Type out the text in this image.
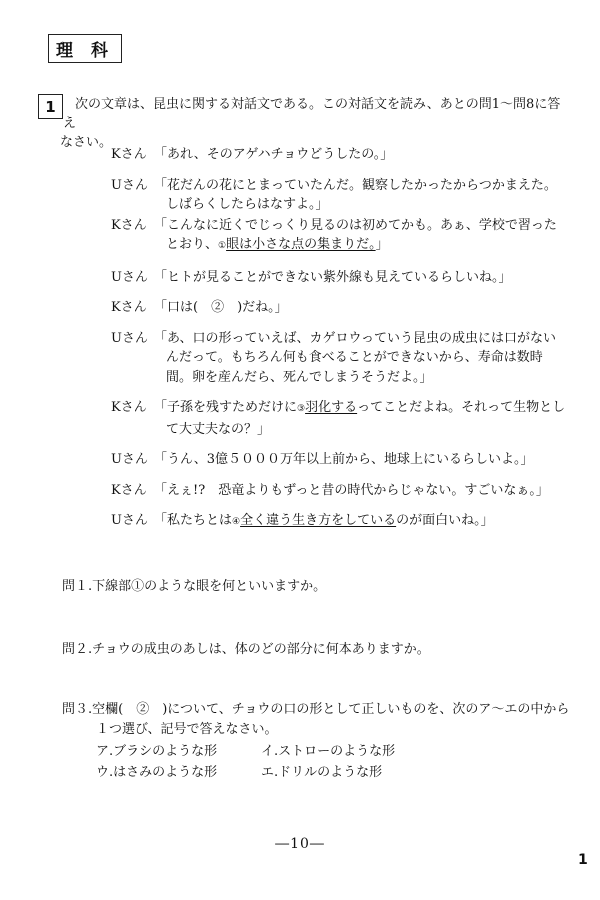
理 科
1	次の文章は、昆虫に関する対話文である。この対話文を読み、あとの問1～問8に答え
なさい。

Kさん 「あれ、そのアゲハチョウどうしたの。」

Uさん 「花だんの花にとまっていたんだ。観察したかったからつかまえた。しばらくしたらはなすよ。」

Kさん 「こんなに近くでじっくり見るのは初めてかも。あぁ、学校で習ったとおり、①眼は小さな点の集まりだ。」

Uさん 「ヒトが見ることができない紫外線も見えているらしいね。」

Kさん 「口は(　②　)だね。」

Uさん 「あ、口の形っていえば、カゲロウっていう昆虫の成虫には口がないんだって。もちろん何も食べることができないから、寿命は数時間。卵を産んだら、死んでしまうそうだよ。」

Kさん 「子孫を残すためだけに③羽化するってことだよね。それって生物として大丈夫なの？」

Uさん 「うん、3億５０００万年以上前から、地球上にいるらしいよ。」

Kさん 「えぇ!?　恐竜よりもずっと昔の時代からじゃない。すごいなぁ。」

Uさん 「私たちとは④全く違う生き方をしているのが面白いね。」

問１.下線部①のような眼を何といいますか。

問２.チョウの成虫のあしは、体のどの部分に何本ありますか。

問３.空欄(　②　)について、チョウの口の形として正しいものを、次のア～エの中から１つ選び、記号で答えなさい。

ア.ブラシのような形	イ.ストローのような形
ウ.はさみのような形	エ.ドリルのような形
―10―
1
